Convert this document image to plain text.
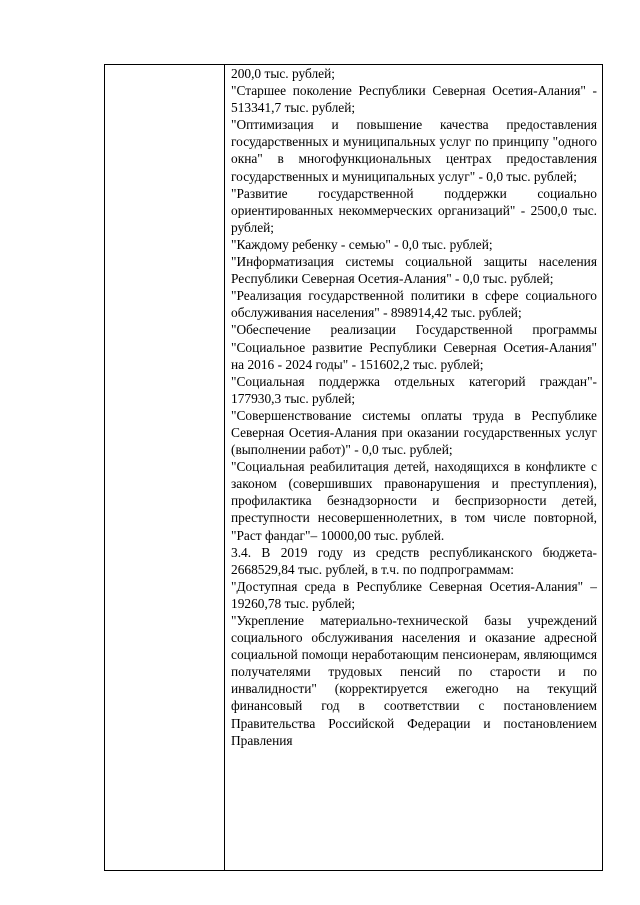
200,0 тыс. рублей;

"Старшее поколение Республики Северная Осетия-Алания" - 513341,7 тыс. рублей;

"Оптимизация и повышение качества предоставления государственных и муниципальных услуг по принципу "одного окна" в многофункциональных центрах предоставления государственных и муниципальных услуг" - 0,0 тыс. рублей;

"Развитие государственной поддержки социально ориентированных некоммерческих организаций" - 2500,0 тыс. рублей;

"Каждому ребенку - семью" - 0,0 тыс. рублей;

"Информатизация системы социальной защиты населения Республики Северная Осетия-Алания" - 0,0 тыс. рублей;

"Реализация государственной политики в сфере социального обслуживания населения" - 898914,42 тыс. рублей;

"Обеспечение реализации Государственной программы "Социальное развитие Республики Северная Осетия-Алания" на 2016 - 2024 годы" - 151602,2 тыс. рублей;

"Социальная поддержка отдельных категорий граждан"- 177930,3 тыс. рублей;

"Совершенствование системы оплаты труда в Республике Северная Осетия-Алания при оказании государственных услуг (выполнении работ)" - 0,0 тыс. рублей;

"Социальная реабилитация детей, находящихся в конфликте с законом (совершивших правонарушения и преступления), профилактика безнадзорности и беспризорности детей, преступности несовершеннолетних, в том числе повторной, "Раст фандаг"– 10000,00 тыс. рублей.

3.4. В 2019 году из средств республиканского бюджета- 2668529,84 тыс. рублей, в т.ч. по подпрограммам:

"Доступная среда в Республике Северная Осетия-Алания" – 19260,78 тыс. рублей;

"Укрепление материально-технической базы учреждений социального обслуживания населения и оказание адресной социальной помощи неработающим пенсионерам, являющимся получателями трудовых пенсий по старости и по инвалидности" (корректируется ежегодно на текущий финансовый год в соответствии с постановлением Правительства Российской Федерации и постановлением Правления
